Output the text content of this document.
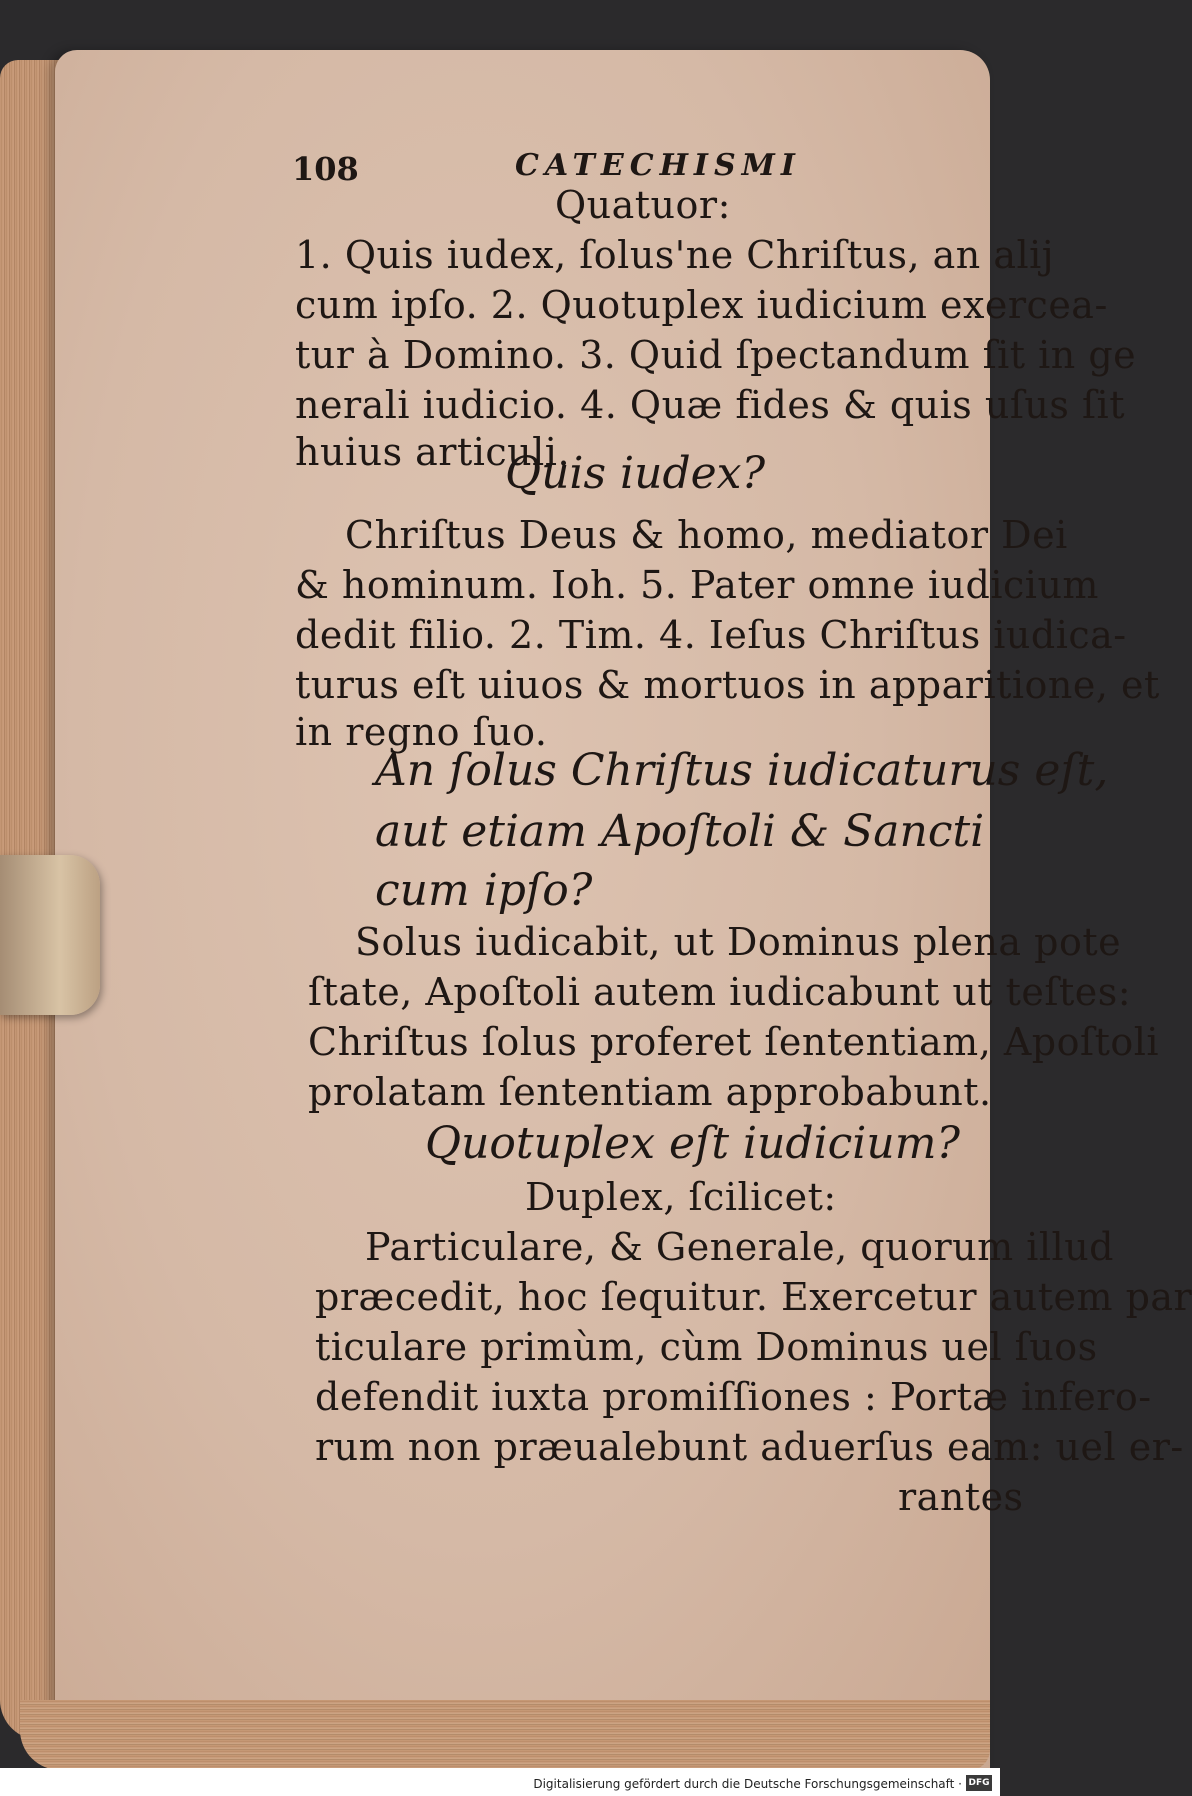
108	CATECHISMI
Quatuor:
1. Quis iudex, ſolus'ne Chriſtus, an alij
cum ipſo. 2. Quotuplex iudicium exercea-
tur à Domino. 3. Quid ſpectandum ſit in ge
nerali iudicio. 4. Quæ fides & quis uſus ſit
huius articuli.
Quis iudex?
Chriſtus Deus & homo, mediator Dei
& hominum. Ioh. 5. Pater omne iudicium
dedit filio. 2. Tim. 4. Ieſus Chriſtus iudica-
turus eſt uiuos & mortuos in apparitione, et
in regno ſuo.
An ſolus Chriſtus iudicaturus eſt,
aut etiam Apoſtoli & Sancti
cum ipſo?
Solus iudicabit, ut Dominus plena pote
ſtate, Apoſtoli autem iudicabunt ut teſtes:
Chriſtus ſolus proferet ſententiam, Apoſtoli
prolatam ſententiam approbabunt.
Quotuplex eſt iudicium?
Duplex, ſcilicet:
Particulare, & Generale, quorum illud
præcedit, hoc ſequitur. Exercetur autem par
ticulare primùm, cùm Dominus uel ſuos
defendit iuxta promiſſiones : Portæ infero-
rum non præualebunt aduerſus eam: uel er-
rantes
Digitalisierung gefördert durch die Deutsche Forschungsgemeinschaft · DFG
